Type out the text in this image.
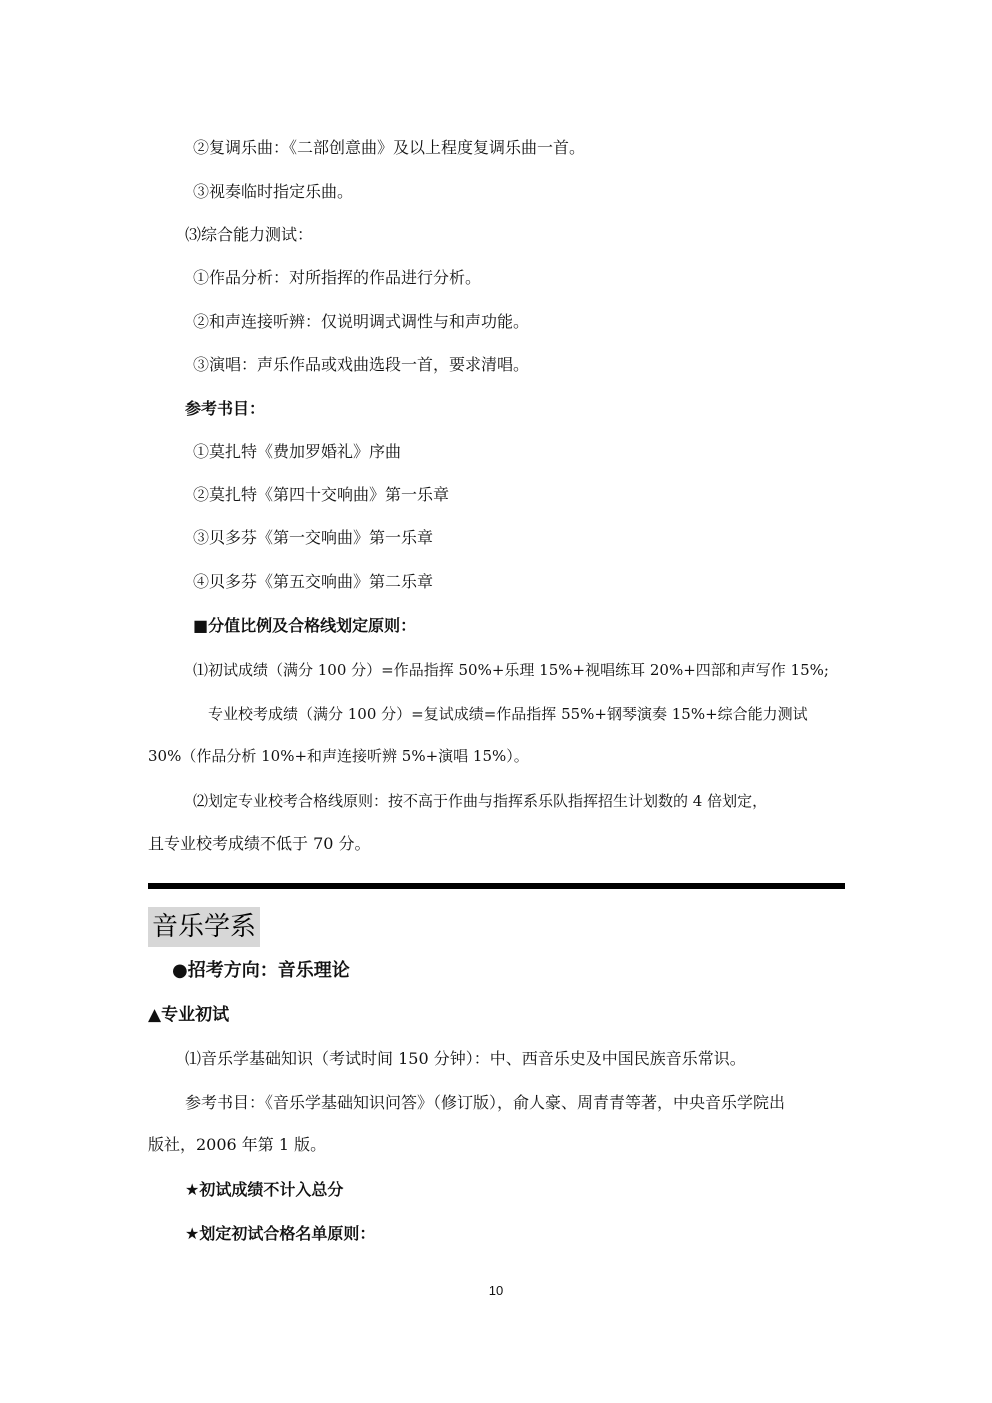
②复调乐曲：《二部创意曲》及以上程度复调乐曲一首。
③视奏临时指定乐曲。
⑶综合能力测试：
①作品分析：对所指挥的作品进行分析。
②和声连接听辨：仅说明调式调性与和声功能。
③演唱：声乐作品或戏曲选段一首，要求清唱。
参考书目：
①莫扎特《费加罗婚礼》序曲
②莫扎特《第四十交响曲》第一乐章
③贝多芬《第一交响曲》第一乐章
④贝多芬《第五交响曲》第二乐章
■分值比例及合格线划定原则：
⑴初试成绩（满分 100 分）=作品指挥 50%+乐理 15%+视唱练耳 20%+四部和声写作 15%;
专业校考成绩（满分 100 分）=复试成绩=作品指挥 55%+钢琴演奏 15%+综合能力测试
30%（作品分析 10%+和声连接听辨 5%+演唱 15%）。
⑵划定专业校考合格线原则：按不高于作曲与指挥系乐队指挥招生计划数的 4 倍划定，
且专业校考成绩不低于 70 分。
音乐学系
●招考方向：音乐理论
▲专业初试
⑴音乐学基础知识（考试时间 150 分钟）：中、西音乐史及中国民族音乐常识。
参考书目：《音乐学基础知识问答》（修订版），俞人豪、周青青等著，中央音乐学院出
版社，2006 年第 1 版。
★初试成绩不计入总分
★划定初试合格名单原则：
10
